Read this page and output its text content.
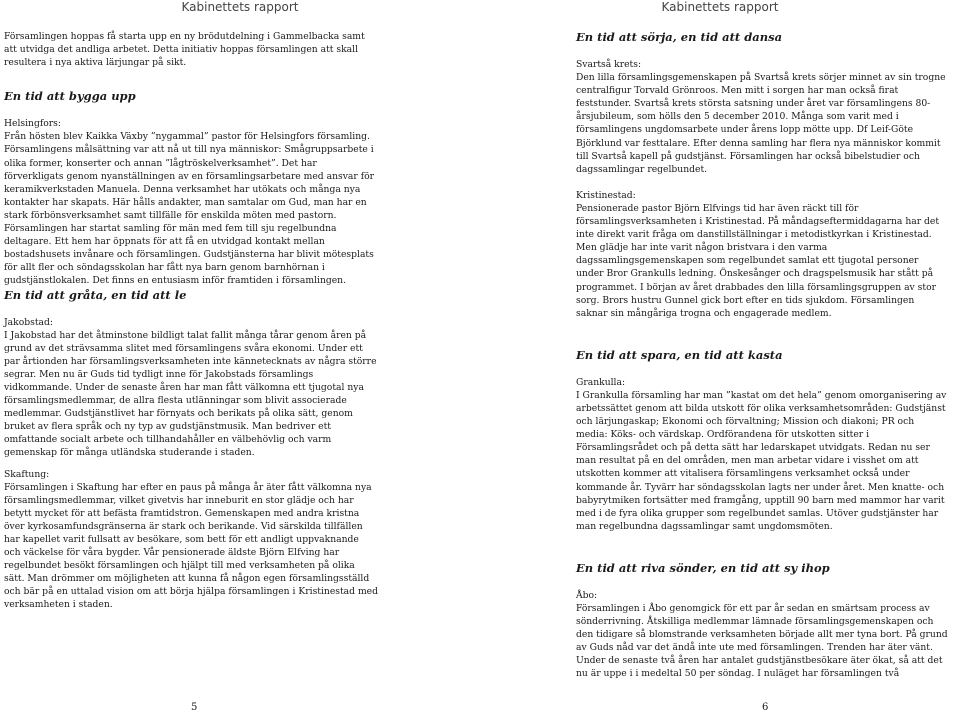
Kabinettets rapport

Församlingen hoppas få starta upp en ny brödutdelning i Gammelbacka samt att utvidga det andliga arbetet. Detta initiativ hoppas församlingen att skall resultera i nya aktiva lärjungar på sikt.

En tid att bygga upp

Helsingfors:

Från hösten blev Kaikka Växby ”nygammal” pastor för Helsingfors församling. Församlingens målsättning var att nå ut till nya människor: Smågruppsarbete i olika former, konserter och annan ”lågtröskelverksamhet”. Det har förverkligats genom nyanställningen av en församlingsarbetare med ansvar för keramikverkstaden Manuela. Denna verksamhet har utökats och många nya kontakter har skapats. Här hålls andakter, man samtalar om Gud, man har en stark förbönsverksamhet samt tillfälle för enskilda möten med pastorn. Församlingen har startat samling för män med fem till sju regelbundna deltagare. Ett hem har öppnats för att få en utvidgad kontakt mellan bostadshusets invånare och församlingen. Gudstjänsterna har blivit mötesplats för allt fler och söndagsskolan har fått nya barn genom barnhörnan i gudstjänstlokalen. Det finns en entusiasm inför framtiden i församlingen.

En tid att gråta, en tid att le

Jakobstad:

I Jakobstad har det åtminstone bildligt talat fallit många tårar genom åren på grund av det strävsamma slitet med församlingens svåra ekonomi. Under ett par årtionden har församlingsverksamheten inte kännetecknats av några större segrar. Men nu är Guds tid tydligt inne för Jakobstads församlings vidkommande. Under de senaste åren har man fått välkomna ett tjugotal nya församlingsmedlemmar, de allra flesta utlänningar som blivit associerade medlemmar. Gudstjänstlivet har förnyats och berikats på olika sätt, genom bruket av flera språk och ny typ av gudstjänstmusik. Man bedriver ett omfattande socialt arbete och tillhandahåller en välbehövlig och varm gemenskap för många utländska studerande i staden.

Skaftung:

Församlingen i Skaftung har efter en paus på många år äter fått välkomna nya församlingsmedlemmar, vilket givetvis har inneburit en stor glädje och har betytt mycket för att befästa framtidstron. Gemenskapen med andra kristna över kyrkosamfundsgränserna är stark och berikande. Vid särskilda tillfällen har kapellet varit fullsatt av besökare, som bett för ett andligt uppvaknande och väckelse för våra bygder. Vår pensionerade äldste Björn Elfving har regelbundet besökt församlingen och hjälpt till med verksamheten på olika sätt. Man drömmer om möjligheten att kunna få någon egen församlingsställd och bär på en uttalad vision om att börja hjälpa församlingen i Kristinestad med verksamheten i staden.

5
Kabinettets rapport

En tid att sörja, en tid att dansa

Svartså krets:

Den lilla församlingsgemenskapen på Svartså krets sörjer minnet av sin trogne centralfigur Torvald Grönroos. Men mitt i sorgen har man också firat feststunder. Svartså krets största satsning under året var församlingens 80-årsjubileum, som hölls den 5 december 2010. Många som varit med i församlingens ungdomsarbete under årens lopp mötte upp. Df Leif-Göte Björklund var festtalare. Efter denna samling har flera nya människor kommit till Svartså kapell på gudstjänst. Församlingen har också bibelstudier och dagssamlingar regelbundet.

Kristinestad:

Pensionerade pastor Björn Elfvings tid har även räckt till för församlingsverksamheten i Kristinestad. På måndagseftermiddagarna har det inte direkt varit fråga om danstillställningar i metodistkyrkan i Kristinestad. Men glädje har inte varit någon bristvara i den varma dagssamlingsgemenskapen som regelbundet samlat ett tjugotal personer under Bror Grankulls ledning. Önskesånger och dragspelsmusik har stått på programmet. I början av året drabbades den lilla församlingsgruppen av stor sorg. Brors hustru Gunnel gick bort efter en tids sjukdom. Församlingen saknar sin mångåriga trogna och engagerade medlem.

En tid att spara, en tid att kasta

Grankulla:

I Grankulla församling har man ”kastat om det hela” genom omorganisering av arbetssättet genom att bilda utskott för olika verksamhetsområden: Gudstjänst och lärjungaskap; Ekonomi och förvaltning; Mission och diakoni; PR och media: Köks- och värdskap. Ordförandena för utskotten sitter i Församlingsrådet och på detta sätt har ledarskapet utvidgats. Redan nu ser man resultat på en del områden, men man arbetar vidare i visshet om att utskotten kommer att vitalisera församlingens verksamhet också under kommande år. Tyvärr har söndagsskolan lagts ner under året. Men knatte- och babyrytmiken fortsätter med framgång, upptill 90 barn med mammor har varit med i de fyra olika grupper som regelbundet samlas. Utöver gudstjänster har man regelbundna dagssamlingar samt ungdomsmöten.

En tid att riva sönder, en tid att sy ihop

Åbo:

Församlingen i Åbo genomgick för ett par år sedan en smärtsam process av sönderrivning. Åtskilliga medlemmar lämnade församlingsgemenskapen och den tidigare så blomstrande verksamheten började allt mer tyna bort. På grund av Guds nåd var det ändå inte ute med församlingen. Trenden har äter vänt. Under de senaste två åren har antalet gudstjänstbesökare äter ökat, så att det nu är uppe i i medeltal 50 per söndag. I nuläget har församlingen två

6
